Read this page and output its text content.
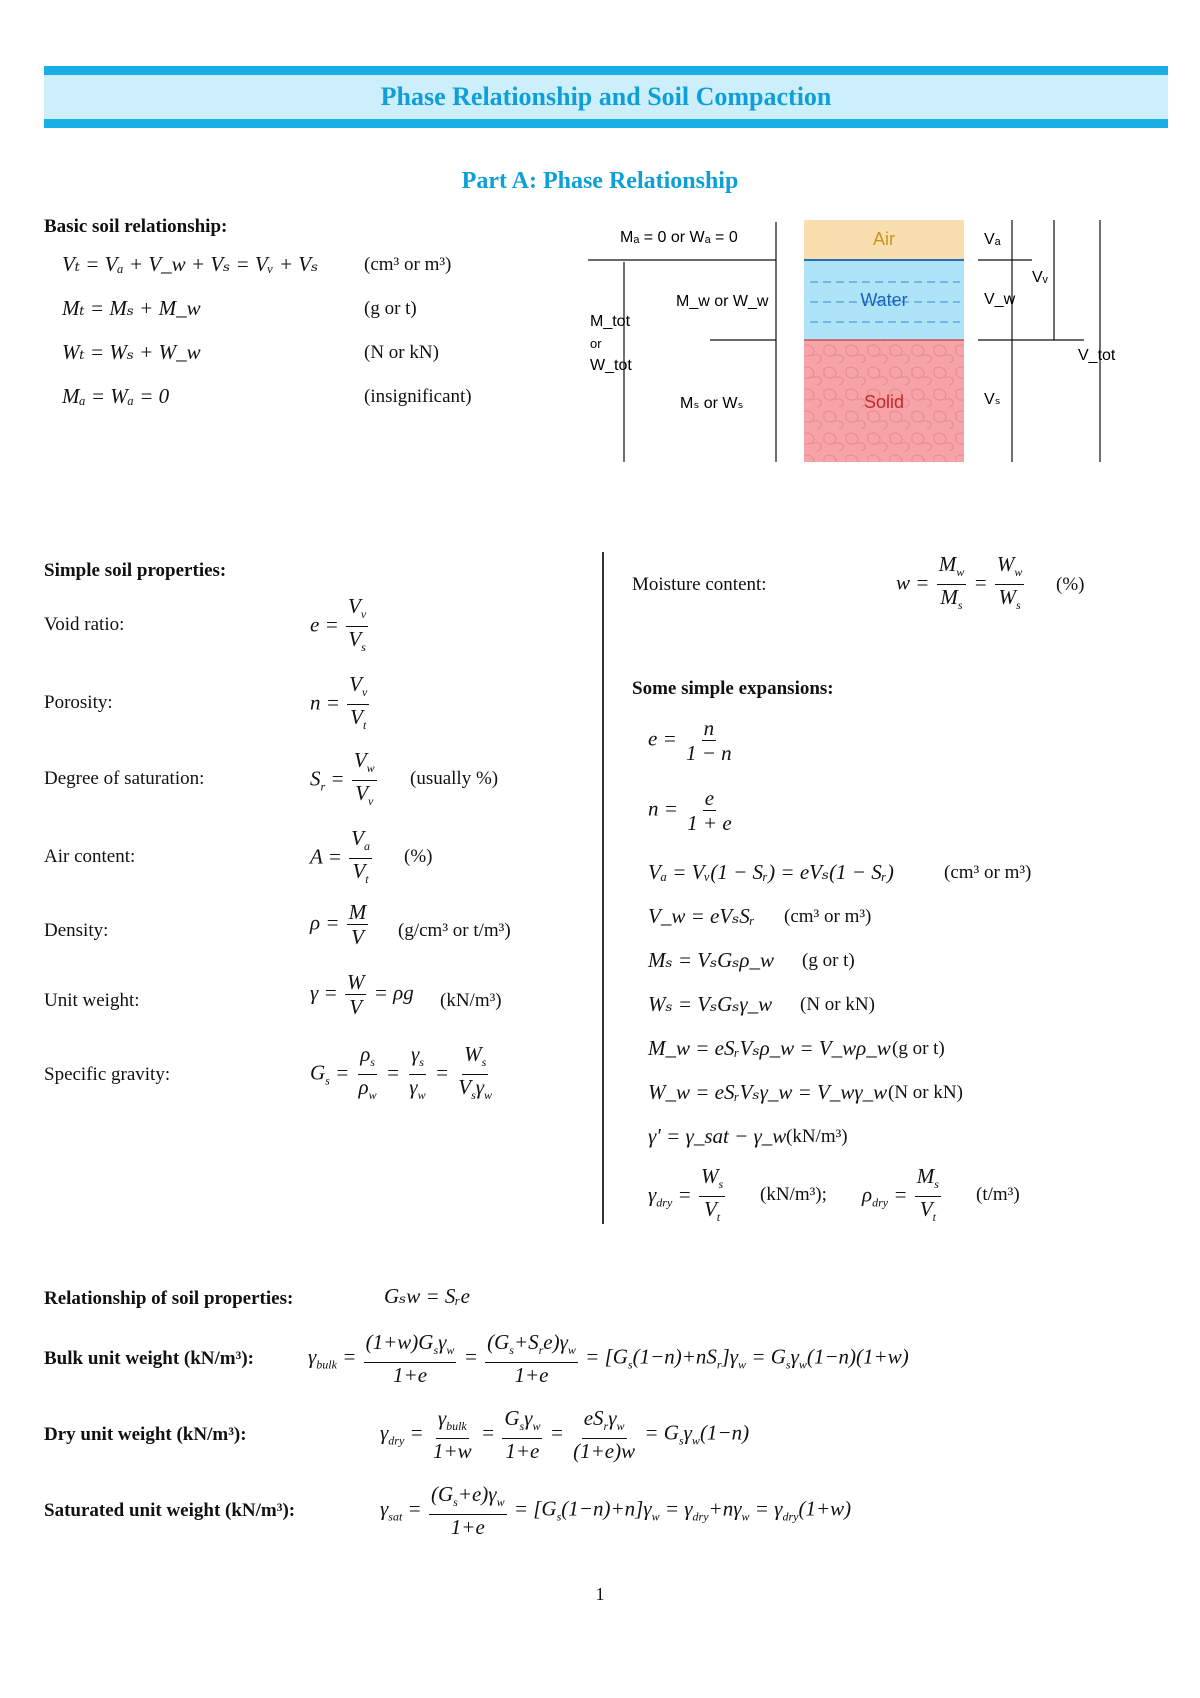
Phase Relationship and Soil Compaction
Part A: Phase Relationship
Basic soil relationship:
Vₜ = Vₐ + V_w + Vₛ = Vᵥ + Vₛ (cm³ or m³)
Mₜ = Mₛ + M_w	(g or t)
Wₜ = Wₛ + W_w	(N or kN)
Mₐ = Wₐ = 0	(insignificant)
Air
Water
Solid
Mₐ = 0 or Wₐ = 0
M_w or W_w
Mₛ or Wₛ
M_tot
or
W_tot
Vₐ
Vᵥ
V_w
Vₛ
V_tot
Simple soil properties:
Void ratio:	$e = \frac{V_v}{V_s}$
Porosity:	$n = \frac{V_v}{V_t}$
Degree of saturation:	$S_r = \frac{V_w}{V_v}$ (usually %)
Air content:	$A = \frac{V_a}{V_t}$ (%)
Density:	$\rho = \frac{M}{V} (g/cm^3$ or t/m³)
Unit weight:	$\gamma = \frac{W}{V} = \rho g$ (kN/m³)
Specific gravity:	$G_s = \frac{\rho_s}{\rho_w} = \frac{\gamma_s}{\gamma_w} = \frac{W_s}{V_s\gamma_w}$
Moisture content:	$w = \frac{M_w}{M_s} = \frac{W_w}{W_s}$ (%)
Some simple expansions:
$e = \frac{n}{1 - n}$
$n = \frac{e}{1 + e}$
Vₐ = Vᵥ(1 − Sᵣ) = eVₛ(1 − Sᵣ)	(cm³ or m³)
V_w = eVₛSᵣ (cm³ or m³)
Mₛ = VₛGₛρ_w (g or t)
Wₛ = VₛGₛγ_w (N or kN)
M_w = eSᵣVₛρ_w = V_wρ_w (g or t)
W_w = eSᵣVₛγ_w = V_wγ_w (N or kN)
γ′ = γ_sat − γ_w (kN/m³)
$\gamma_{dry} = \frac{W_s}{V_t} (kN/m^3)$; $\rho_{dry} = \frac{M_s}{V_t} (t/m^3)$
Relationship of soil properties:	Gₛw = Sᵣe
Bulk unit weight (kN/m³):	$\gamma_{bulk} = \frac{(1+w)G_s\gamma_w}{1+e} = \frac{(G_s+S_re)\gamma_w}{1+e} = [G_s(1-n)+nS_r]\gamma_w = G_s\gamma_w(1-n)(1+w)$
Dry unit weight (kN/m³):	$\gamma_{dry} = \frac{\gamma_{bulk}}{1+w} = \frac{G_s\gamma_w}{1+e} = \frac{eS_r\gamma_w}{(1+e)w} = G_s\gamma_w(1-n)$
Saturated unit weight (kN/m³):	$\gamma_{sat} = \frac{(G_s+e)\gamma_w}{1+e} = [G_s(1-n)+n]\gamma_w = \gamma_{dry}+n\gamma_w = \gamma_{dry}(1+w)$
1
